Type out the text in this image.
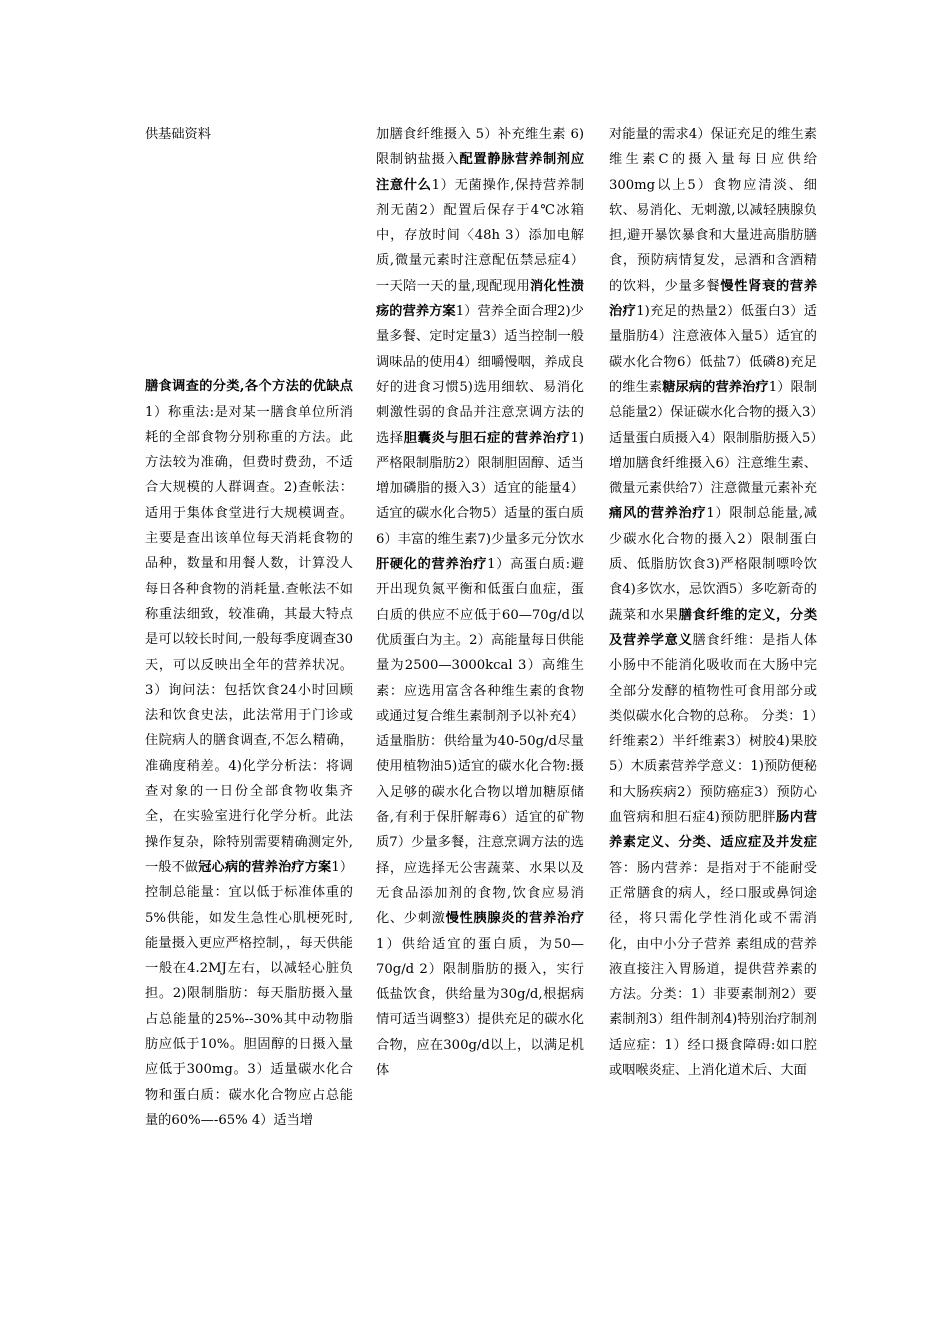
供基础资料

膳食调查的分类,各个方法的优缺点1）称重法:是对某一膳食单位所消耗的全部食物分别称重的方法。此方法较为准确，但费时费劲，不适合大规模的人群调查。2)查帐法：适用于集体食堂进行大规模调查。主要是查出该单位每天消耗食物的品种，数量和用餐人数，计算没人每日各种食物的消耗量.查帐法不如称重法细致，较准确，其最大特点是可以较长时间,一般每季度调查30天，可以反映出全年的营养状况。3）询问法：包括饮食24小时回顾法和饮食史法，此法常用于门诊或住院病人的膳食调查,不怎么精确，准确度稍差。4)化学分析法：将调查对象的一日份全部食物收集齐全，在实验室进行化学分析。此法操作复杂，除特别需要精确测定外,一般不做冠心病的营养治疗方案1）控制总能量：宜以低于标准体重的5%供能，如发生急性心肌梗死时,能量摄入更应严格控制，，每天供能一般在4.2MJ左右，以减轻心脏负担。2)限制脂肪：每天脂肪摄入量占总能量的25%--30%其中动物脂肪应低于10%。胆固醇的日摄入量应低于300mg。3）适量碳水化合物和蛋白质：碳水化合物应占总能量的60%—-65% 4）适当增

加膳食纤维摄入 5）补充维生素 6)限制钠盐摄入配置静脉营养制剂应注意什么1）无菌操作,保持营养制剂无菌2）配置后保存于4℃冰箱中，存放时间〈48h 3）添加电解质,微量元素时注意配伍禁忌症4）一天陪一天的量,现配现用消化性溃疡的营养方案1）营养全面合理2)少量多餐、定时定量3）适当控制一般调味品的使用4）细嚼慢咽，养成良好的进食习惯5)选用细软、易消化刺激性弱的食品并注意烹调方法的选择胆囊炎与胆石症的营养治疗1)严格限制脂肪2）限制胆固醇、适当增加磷脂的摄入3）适宜的能量4）适宜的碳水化合物5）适量的蛋白质6）丰富的维生素7)少量多元分饮水肝硬化的营养治疗1）高蛋白质:避开出现负氮平衡和低蛋白血症，蛋白质的供应不应低于60—70g/d以优质蛋白为主。2）高能量每日供能量为2500—3000kcal 3）高维生素：应选用富含各种维生素的食物或通过复合维生素制剂予以补充4）适量脂肪：供给量为40-50g/d尽量使用植物油5)适宜的碳水化合物:摄入足够的碳水化合物以增加糖原储备,有利于保肝解毒6）适宜的矿物质7）少量多餐，注意烹调方法的选择，应选择无公害蔬菜、水果以及无食品添加剂的食物,饮食应易消化、少刺激慢性胰腺炎的营养治疗1）供给适宜的蛋白质，为50—70g/d 2）限制脂肪的摄入，实行低盐饮食，供给量为30g/d,根据病情可适当调整3）提供充足的碳水化合物，应在300g/d以上，以满足机体

对能量的需求4）保证充足的维生素 维生素C的摄入量每日应供给300mg以上5）食物应清淡、细软、易消化、无刺激,以减轻胰腺负担,避开暴饮暴食和大量进高脂肪膳食，预防病情复发，忌酒和含酒精的饮料，少量多餐慢性肾衰的营养治疗1)充足的热量2）低蛋白3）适量脂肪4）注意液体入量5）适宜的碳水化合物6）低盐7）低磷8)充足的维生素糖尿病的营养治疗1）限制总能量2）保证碳水化合物的摄入3）适量蛋白质摄入4）限制脂肪摄入5）增加膳食纤维摄入6）注意维生素、微量元素供给7）注意微量元素补充痛风的营养治疗1）限制总能量,减少碳水化合物的摄入2）限制蛋白质、低脂肪饮食3)严格限制嘌呤饮食4)多饮水，忌饮酒5）多吃新奇的蔬菜和水果膳食纤维的定义，分类及营养学意义膳食纤维：是指人体小肠中不能消化吸收而在大肠中完全部分发酵的植物性可食用部分或类似碳水化合物的总称。 分类：1）纤维素2）半纤维素3）树胶4)果胶5）木质素营养学意义：1)预防便秘和大肠疾病2）预防癌症3）预防心血管病和胆石症4)预防肥胖肠内营养素定义、分类、适应症及并发症答：肠内营养：是指对于不能耐受正常膳食的病人，经口服或鼻饲途径，将只需化学性消化或不需消化，由中小分子营养 素组成的营养液直接注入胃肠道，提供营养素的方法。分类：1）非要素制剂2）要素制剂3）组件制剂4)特别治疗制剂 适应症：1）经口摄食障碍:如口腔或咽喉炎症、上消化道术后、大面
